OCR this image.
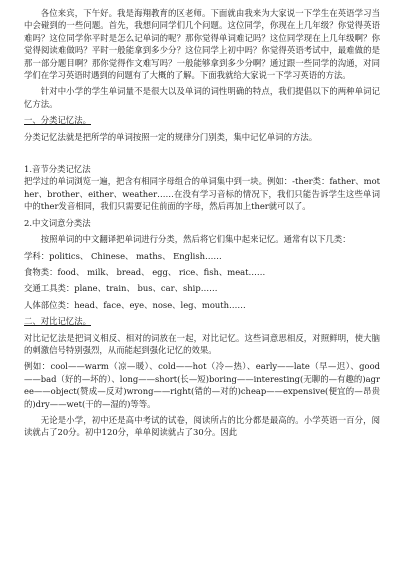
各位来宾，下午好。我是海翔教育的区老师。下面就由我来为大家说一下学生在英语学习当中会碰到的一些问题。首先，我想问同学们几个问题。这位同学，你现在上几年级？你觉得英语难吗？这位同学你平时是怎么记单词的呢？那你觉得单词难记吗？这位同学现在上几年级啊？你觉得阅读难做吗？平时一般能拿到多少分？这位同学上初中吗？你觉得英语考试中，最难做的是那一部分题目啊？那你觉得作文难写吗？一般能够拿到多少分啊？通过跟一些同学的沟通，对同学们在学习英语时遇到的问题有了大概的了解。下面我就给大家说一下学习英语的方法。

针对中小学的学生单词量不是很大以及单词的词性明确的特点，我们提倡以下的两种单词记忆方法。

一、分类记忆法。

分类记忆法就是把所学的单词按照一定的规律分门别类，集中记忆单词的方法。

1.音节分类记忆法

把学过的单词浏览一遍，把含有相同字母组合的单词集中到一块。例如：-ther类：father、mother、brother、either、weather……在没有学习音标的情况下，我们只能告诉学生这些单词中的ther发音相同，我们只需要记住前面的字母，然后再加上ther就可以了。

2.中文词意分类法

按照单词的中文翻译把单词进行分类，然后将它们集中起来记忆。通常有以下几类：

学科：politics、 Chinese、 maths、 English……

食物类：food、 milk、 bread、 egg、 rice、fish、meat……

交通工具类：plane、train、 bus、car、ship……

人体部位类：head、face、eye、nose、leg、mouth……

二、对比记忆法。

对比记忆法是把词义相反、相对的词放在一起，对比记忆。这些词意思相反，对照鲜明，使大脑的刺激信号特别强烈，从而能起到强化记忆的效果。

例如：cool——warm（凉—暖）、cold——hot（冷—热）、early——late（早—迟）、good——bad（好的—坏的）、long——short(长—短)boring——interesting(无聊的—有趣的)agree——object(赞成—反对)wrong——right(错的—对的)cheap——expensive(便宜的—昂贵的)dry——wet(干的—湿的)等等。

无论是小学，初中还是高中考试的试卷，阅读所占的比分都是最高的。小学英语一百分，阅读就占了20分。初中120分，单单阅读就占了30分。因此
